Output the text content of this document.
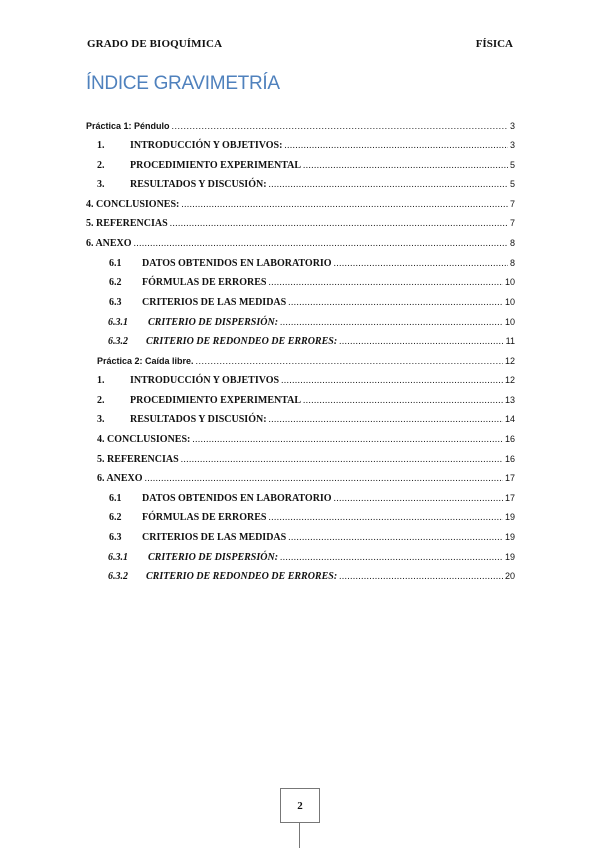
GRADO DE BIOQUÍMICA	FÍSICA
ÍNDICE GRAVIMETRÍA
Práctica 1: Péndulo .....	3
1.	INTRODUCCIÓN Y OBJETIVOS: .....	3
2.	PROCEDIMIENTO EXPERIMENTAL .....	5
3.	RESULTADOS Y DISCUSIÓN: .....	5
4. CONCLUSIONES: .....	7
5. REFERENCIAS .....	7
6. ANEXO .....	8
6.1	DATOS OBTENIDOS EN LABORATORIO .....	8
6.2	FÓRMULAS DE ERRORES .....	10
6.3	CRITERIOS DE LAS MEDIDAS .....	10
6.3.1	CRITERIO DE DISPERSIÓN: .....	10
6.3.2	CRITERIO DE REDONDEO DE ERRORES: .....	11
Práctica 2: Caída libre. .....	12
1.	INTRODUCCIÓN Y OBJETIVOS .....	12
2.	PROCEDIMIENTO EXPERIMENTAL .....	13
3.	RESULTADOS Y DISCUSIÓN: .....	14
4. CONCLUSIONES: .....	16
5. REFERENCIAS .....	16
6. ANEXO .....	17
6.1	DATOS OBTENIDOS EN LABORATORIO .....	17
6.2	FÓRMULAS DE ERRORES .....	19
6.3	CRITERIOS DE LAS MEDIDAS .....	19
6.3.1	CRITERIO DE DISPERSIÓN: .....	19
6.3.2	CRITERIO DE REDONDEO DE ERRORES: .....	20
2
